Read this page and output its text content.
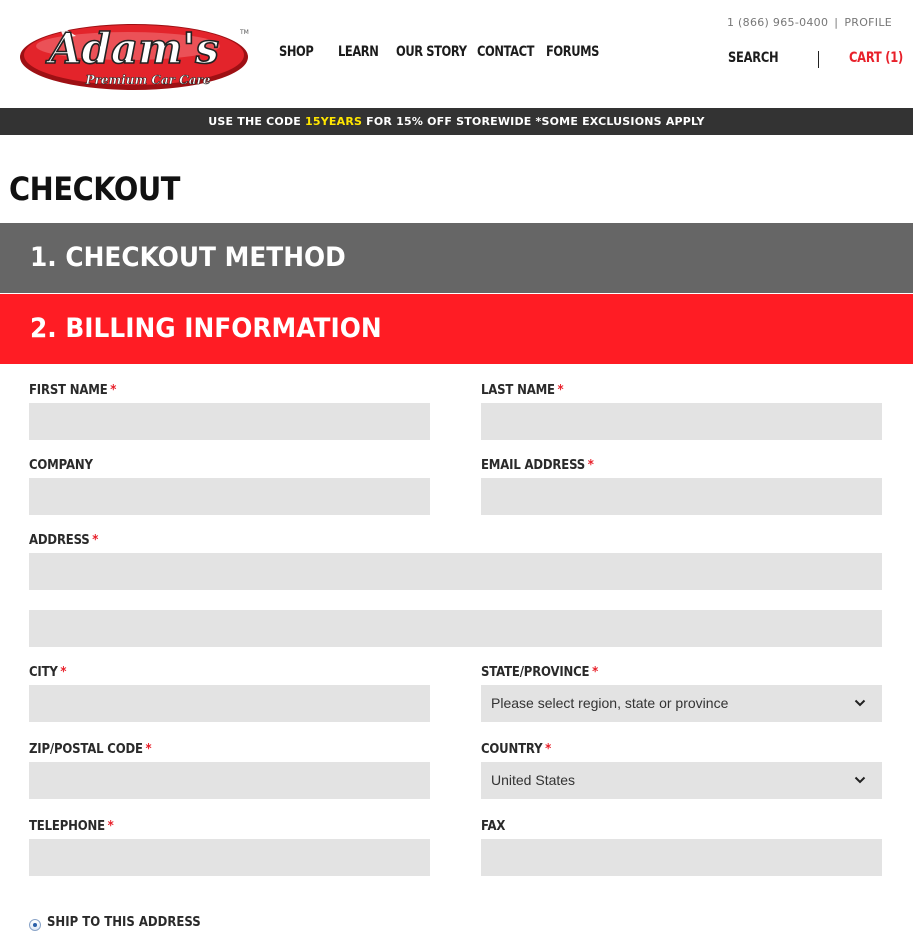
Adam's
Premium Car Care
TM
SHOP LEARN OUR STORY CONTACT FORUMS
1 (866) 965-0400 | PROFILE
SEARCH	CART (1)
USE THE CODE 15YEARS FOR 15% OFF STOREWIDE *SOME EXCLUSIONS APPLY
CHECKOUT
1. CHECKOUT METHOD
2. BILLING INFORMATION
FIRST NAME *	LAST NAME *
COMPANY	EMAIL ADDRESS *
ADDRESS *
CITY *	STATE/PROVINCE *
Please select region, state or province
ZIP/POSTAL CODE *	COUNTRY *
United States
TELEPHONE *	FAX
SHIP TO THIS ADDRESS
